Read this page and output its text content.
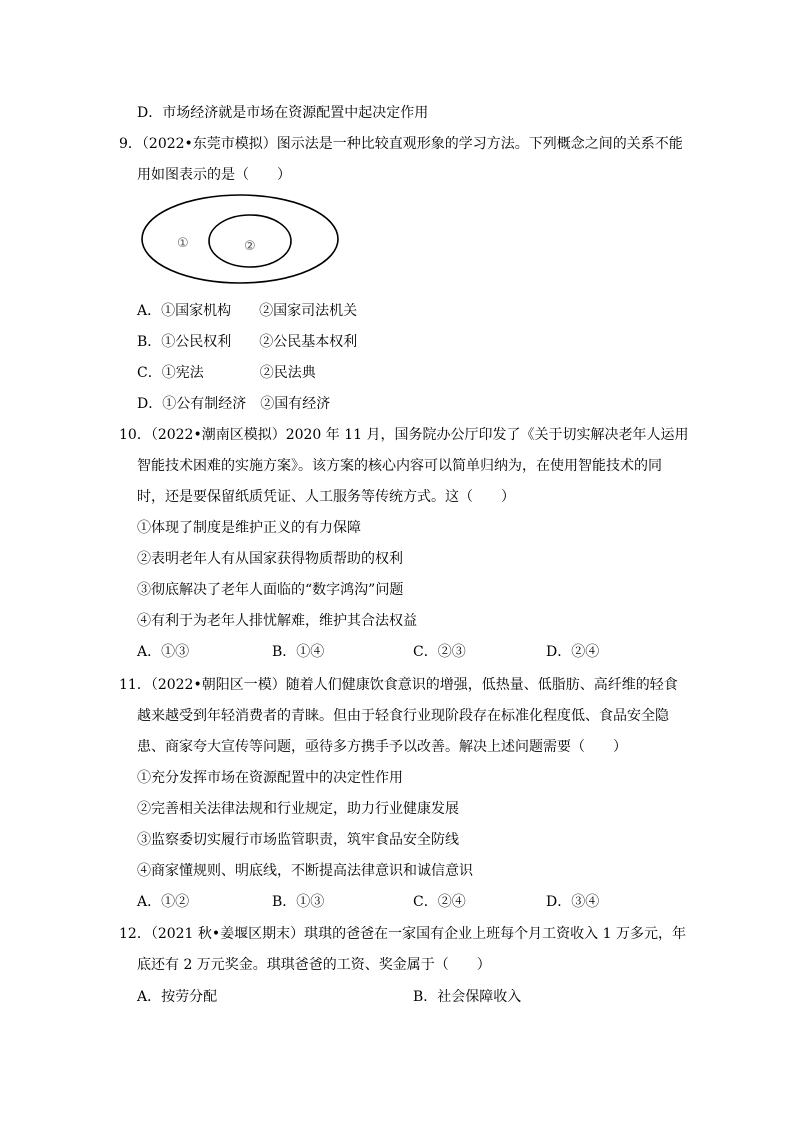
D．市场经济就是市场在资源配置中起决定作用
9．（2022•东莞市模拟）图示法是一种比较直观形象的学习方法。下列概念之间的关系不能
用如图表示的是（　　）
①	②
A．①国家机构　　②国家司法机关
B．①公民权利　　②公民基本权利
C．①宪法　　　　②民法典
D．①公有制经济　②国有经济
10．（2022•潮南区模拟）2020 年 11 月，国务院办公厅印发了《关于切实解决老年人运用
智能技术困难的实施方案》。该方案的核心内容可以简单归纳为，在使用智能技术的同
时，还是要保留纸质凭证、人工服务等传统方式。这（　　）
①体现了制度是维护正义的有力保障
②表明老年人有从国家获得物质帮助的权利
③彻底解决了老年人面临的“数字鸿沟”问题
④有利于为老年人排忧解难，维护其合法权益
A．①③	B．①④	C．②③	D．②④
11．（2022•朝阳区一模）随着人们健康饮食意识的增强，低热量、低脂肪、高纤维的轻食
越来越受到年轻消费者的青睐。但由于轻食行业现阶段存在标准化程度低、食品安全隐
患、商家夸大宣传等问题，亟待多方携手予以改善。解决上述问题需要（　　）
①充分发挥市场在资源配置中的决定性作用
②完善相关法律法规和行业规定，助力行业健康发展
③监察委切实履行市场监管职责，筑牢食品安全防线
④商家懂规则、明底线，不断提高法律意识和诚信意识
A．①②	B．①③	C．②④	D．③④
12．（2021 秋•姜堰区期末）琪琪的爸爸在一家国有企业上班每个月工资收入 1 万多元，年
底还有 2 万元奖金。琪琪爸爸的工资、奖金属于（　　）
A．按劳分配	B．社会保障收入
